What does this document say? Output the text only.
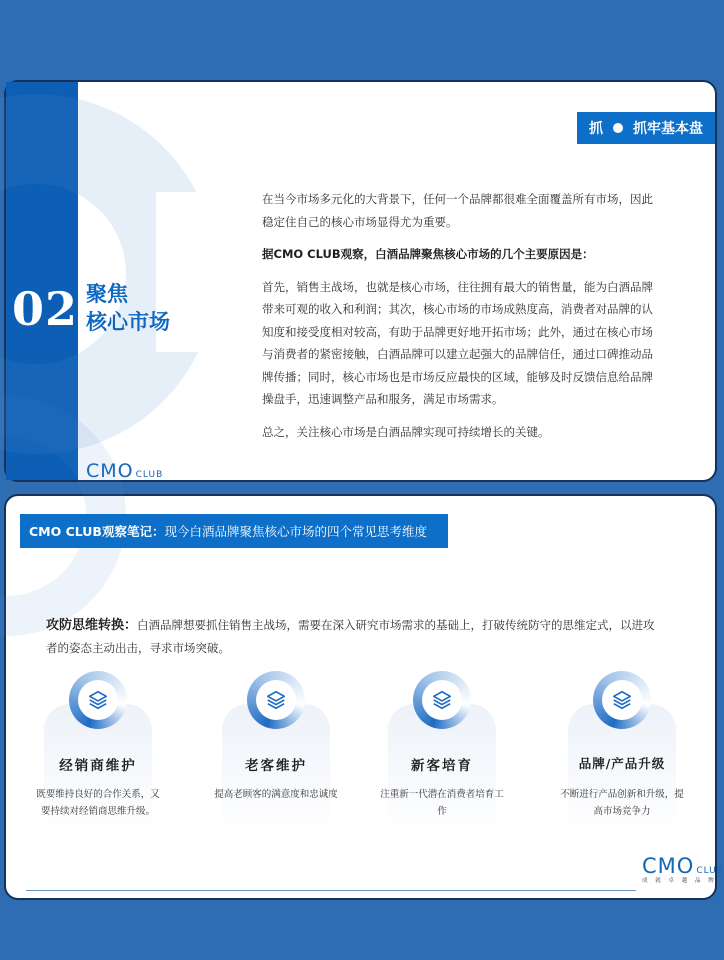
抓 抓牢基本盘
02 聚焦
核心市场

在当今市场多元化的大背景下，任何一个品牌都很难全面覆盖所有市场，因此稳定住自己的核心市场显得尤为重要。

据CMO CLUB观察，白酒品牌聚焦核心市场的几个主要原因是：

首先，销售主战场，也就是核心市场，往往拥有最大的销售量，能为白酒品牌带来可观的收入和利润；其次，核心市场的市场成熟度高，消费者对品牌的认知度和接受度相对较高，有助于品牌更好地开拓市场；此外，通过在核心市场与消费者的紧密接触，白酒品牌可以建立起强大的品牌信任，通过口碑推动品牌传播；同时，核心市场也是市场反应最快的区域，能够及时反馈信息给品牌操盘手，迅速调整产品和服务，满足市场需求。

总之，关注核心市场是白酒品牌实现可持续增长的关键。

CMO CLUB
CMO CLUB观察笔记： 现今白酒品牌聚焦核心市场的四个常见思考维度
攻防思维转换：白酒品牌想要抓住销售主战场，需要在深入研究市场需求的基础上，打破传统防守的思维定式，以进攻者的姿态主动出击，寻求市场突破。
经销商维护
既要维持良好的合作关系，又要持续对经销商思维升级。
老客维护
提高老顾客的满意度和忠诚度
新客培育
注重新一代潜在消费者培育工作
品牌/产品升级
不断进行产品创新和升级，提高市场竞争力
CMO CLUB
成 就 卓 越 品 牌
